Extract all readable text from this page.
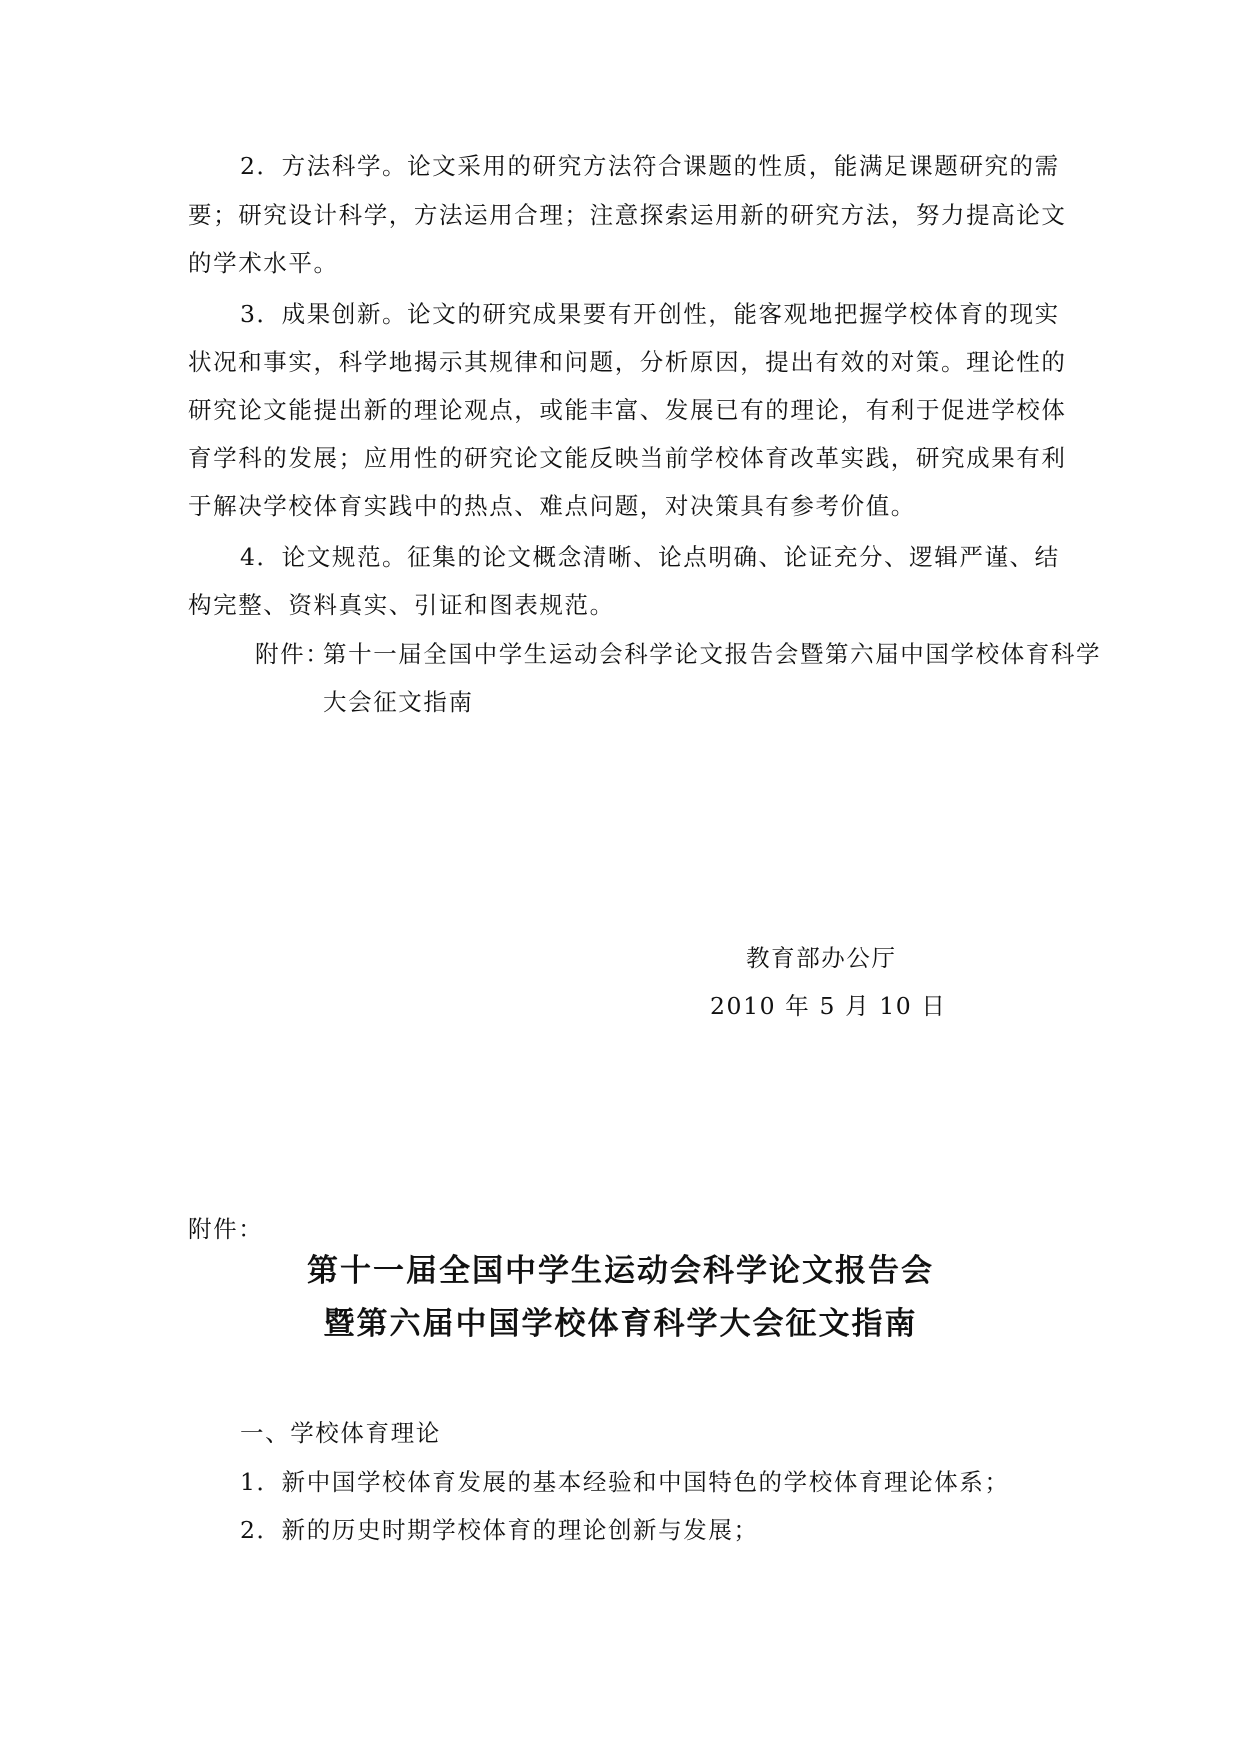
2．方法科学。论文采用的研究方法符合课题的性质，能满足课题研究的需
要；研究设计科学，方法运用合理；注意探索运用新的研究方法，努力提高论文
的学术水平。
3．成果创新。论文的研究成果要有开创性，能客观地把握学校体育的现实
状况和事实，科学地揭示其规律和问题，分析原因，提出有效的对策。理论性的
研究论文能提出新的理论观点，或能丰富、发展已有的理论，有利于促进学校体
育学科的发展；应用性的研究论文能反映当前学校体育改革实践，研究成果有利
于解决学校体育实践中的热点、难点问题，对决策具有参考价值。
4．论文规范。征集的论文概念清晰、论点明确、论证充分、逻辑严谨、结
构完整、资料真实、引证和图表规范。
附件：
第十一届全国中学生运动会科学论文报告会暨第六届中国学校体育科学
大会征文指南
教育部办公厅
2010 年 5 月 10 日
附件：
第十一届全国中学生运动会科学论文报告会
暨第六届中国学校体育科学大会征文指南
一、学校体育理论
1．新中国学校体育发展的基本经验和中国特色的学校体育理论体系；
2．新的历史时期学校体育的理论创新与发展；
